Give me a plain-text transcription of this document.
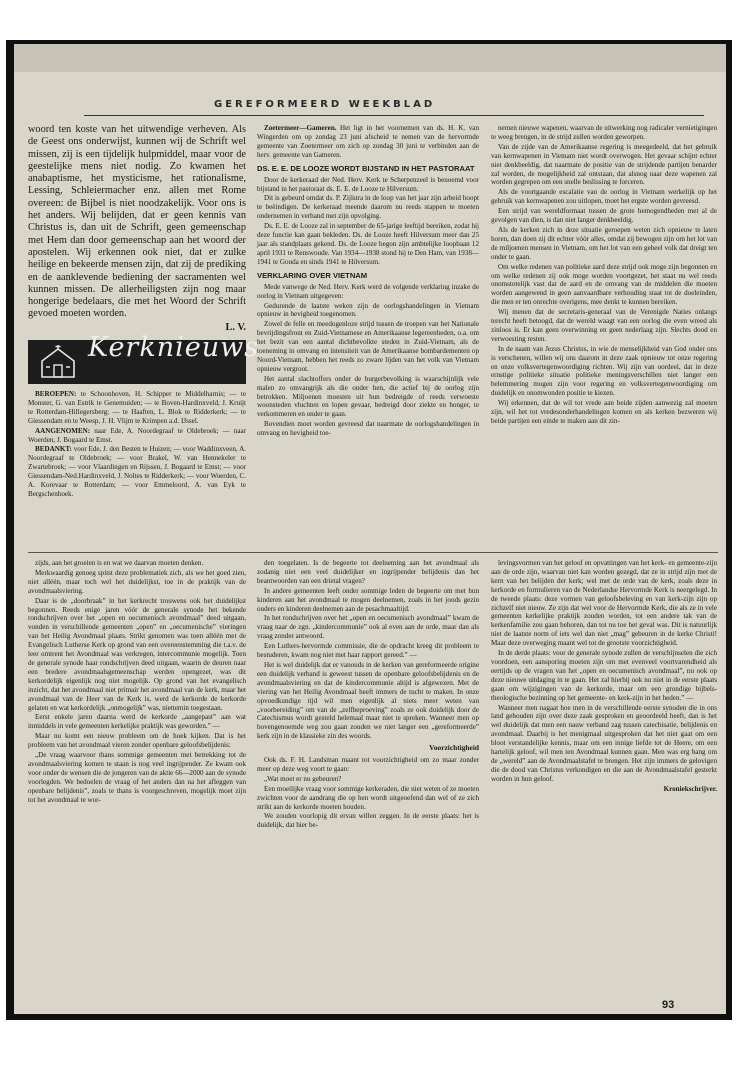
GEREFORMEERD WEEKBLAD

woord ten koste van het uitwendige verheven. Als de Geest ons onderwijst, kunnen wij de Schrift wel missen, zij is een tijdelijk hulpmiddel, maar voor de geestelijke mens niet nodig. Zo kwamen het anabaptisme, het mysticisme, het rationalisme, Lessing, Schleiermacher enz. allen met Rome overeen: de Bijbel is niet noodzakelijk. Voor ons is het anders. Wij belijden, dat er geen kennis van Christus is, dan uit de Schrift, geen gemeenschap met Hem dan door gemeenschap aan het woord der apostelen. Wij erkennen ook niet, dat er zulke heilige en bekeerde mensen zijn, dat zij de prediking en de aanklevende bediening der sacramenten wel kunnen missen. De allerheiligsten zijn nog maar hongerige bedelaars, die met het Woord der Schrift gevoed moeten worden.

L. V.

Kerknieuws

BEROEPEN: te Schoonhoven, H. Schipper te Middelharnis; — te Monster, G. van Estrik te Genemuiden; — te Boven-Hardinxveld, J. Kruijt te Rotterdam-Hillegersberg; — te Haaften, L. Blok te Ridderkerk; — te Giessendam en te Weesp, J. H. Vlijm te Krimpen a.d. IJssel.

AANGENOMEN: naar Ede, A. Noordegraaf te Oldebroek; — naar Woerden, J. Bogaard te Emst.

BEDANKT: voor Ede, J. den Besten te Huizen; — voor Waddinxveen, A. Noordegraaf te Oldebroek; — voor Brakel, W. van Hennekeler te Zwartebroek; — voor Vlaardingen en Rijssen, J. Bogaard te Emst; — voor Giessendam-Ned.Hardinxveld, J. Noltes te Ridderkerk; — voor Woerden, C. A. Korevaar te Rotterdam; — voor Emmeloord, A. van Eyk te Bergschenhoek.

Zoetermeer—Gameren. Het ligt in het voornemen van ds. H. K. van Wingerden om op zondag 23 juni afscheid te nemen van de hervormde gemeente van Zoetermeer om zich op zondag 30 juni te verbinden aan de herv. gemeente van Gameren.

DS. E. E. DE LOOZE WORDT BIJSTAND IN HET PASTORAAT

Door de kerkeraad der Ned. Herv. Kerk te Scherpenzeel is benoemd voor bijstand in het pastoraat ds. E. E. de Looze te Hilversum.

Dit is gebeurd omdat ds. P. Zijlstra in de loop van het jaar zijn arbeid hoopt te beëindigen. De kerkeraad meende daarom nu reeds stappen te moeten ondernemen in verband met zijn opvolging.

Ds. E. E. de Looze zal in september de 65-jarige leeftijd bereiken, zodat hij deze functie kan gaan bekleden. Ds. de Looze heeft Hilversum meer dan 25 jaar als standplaats gekend. Ds. de Looze begon zijn ambtelijke loopbaan 12 april 1931 te Renswoude. Van 1934—1938 stond hij te Den Ham, van 1938—1941 te Gouda en sinds 1941 te Hilversum.

VERKLARING OVER VIETNAM

Mede vanwege de Ned. Herv. Kerk werd de volgende verklaring inzake de oorlog in Vietnam uitgegeven:

Gedurende de laatste weken zijn de oorlogshandelingen in Vietnam opnieuw in hevigheid toegenomen.

Zowel de felle en meedogenloze strijd tussen de troepen van het Nationale bevrijdingsfront en Zuid-Vietnamese en Amerikaanse legereenheden, o.a. om het bezit van een aantal dichtbevolkte steden in Zuid-Vietnam, als de toeneming in omvang en intensiteit van de Amerikaanse bombardementen op Noord-Vietnam, hebben het reeds zo zware lijden van het volk van Vietnam opnieuw vergroot.

Het aantal slachtoffers onder de burgerbevolking is waarschijnlijk vele malen zo omvangrijk als die onder hen, die actief bij de oorlog zijn betrokken. Miljoenen moesten uit hun bedreigde of reeds verwoeste woonsteden vluchten en lopen gevaar, bedreigd door ziekte en honger, te verkommeren en onder te gaan.

Bovendien moet worden gevreesd dat naarmate de oorlogshandelingen in omvang en hevigheid toe-

nemen nieuwe wapenen, waarvan de uitwerking nog radicaler vernietigingen te weeg brengen, in de strijd zullen worden geworpen.

Van de zijde van de Amerikaanse regering is meegedeeld, dat het gebruik van kernwapenen in Vietnam niet wordt overwogen. Het gevaar schijnt echter niet denkbeeldig, dat naarmate de positie van de strijdende partijen benarder zal worden, de mogelijkheid zal ontstaan, dat alsnog naar deze wapenen zal worden gegrepen om een snelle beslissing te forceren.

Als de voortgaande escalatie van de oorlog in Vietnam werkelijk op het gebruik van kernwapenen zou uitlopen, moet het ergste worden gevreesd.

Een strijd van wereldformaat tussen de grote hemogendheden met al de gevolgen van dien, is dan niet langer denkbeeldig.

Als de kerken zich in deze situatie geroepen weten zich opnieuw te laten horen, dan doen zij dit echter vóór alles, omdat zij bewogen zijn om het lot van de miljoenen mensen in Vietnam, om het lot van een geheel volk dat dreigt ten onder te gaan.

Om welke redenen van politieke aard deze strijd ook moge zijn begonnen en om welke redenen zij ook moge worden voortgezet, het staat nu wel reeds onomstotelijk vast dat de aard en de omvang van de middelen die moeten worden aangewend in geen aanvaardbare verhouding staat tot de doeleinden, die men er ten onrechte overigens, mee denkt te kunnen bereiken.

Wij menen dat de secretaris-generaal van de Verenigde Naties onlangs terecht heeft betoogd, dat de wereld waagt van een oorlog die even wreed als zinloos is. Er kan geen overwinning en geen nederlaag zijn. Slechts dood en verwoesting resten.

In de naam van Jezus Christus, in wie de menselijkheid van God onder ons is verschenen, willen wij ons daarom in deze zaak opnieuw tot onze regering en onze volksvertegenwoordiging richten. Wij zijn van oordeel, dat in deze ernstige politieke situatie politieke meningsverschillen niet langer een belemmering mogen zijn voor regering en volksvertegenwoordiging om duidelijk en onomwonden positie te kiezen.

Wij erkennen, dat de wil tot vrede aan beide zijden aanwezig zal moeten zijn, wil het tot vredesonderhandelingen komen en als kerken bezweren wij beide partijen een einde te maken aan dit zin-

zijds, aan het groeien is en wat we daarvan moeten denken.

Merkwaardig genoeg spitst deze problematiek zich, als we het goed zien, niet alléén, maar toch wel het duidelijkst, toe in de praktijk van de avondmaalsviering.

Daar is de „doorbraak” in het kerkrecht trouwens ook het duidelijkst begonnen. Reeds enige jaren vóór de generale synode het bekende rondschrijven over het „open en oecumenisch avondmaal” deed uitgaan, vonden in verschillende gemeenten „open” en „oecumenische” vieringen van het Heilig Avondmaal plaats. Strikt genomen was toen alléén met de Evangelisch Lutherse Kerk op grond van een overeenstemming die t.a.v. de leer omtrent het Avondmaal was verkregen, intercommunie mogelijk. Toen de generale synode haar rondschrijven deed uitgaan, waarin de deuren naar een bredere avondmaalsgemeenschap werden opengezet, was dit kerkordelijk eigenlijk nog niet mogelijk. Op grond van het evangelisch inzicht, dat het avondmaal niet primair het avondmaal van de kerk, maar het avondmaal van de Heer van de Kerk is, werd de kerkorde de kerkorde gelaten en wat kerkordelijk „onmogelijk” was, niettemin toegestaan.

Eerst enkele jaren daarna werd de kerkorde „aangepast” aan wat inmiddels in vele gemeenten kerkelijke praktijk was geworden.” —

Maar nu komt een nieuw probleem om de hoek kijken. Dat is het probleem van het avondmaal vieren zonder openbare geloofsbelijdenis:

„De vraag waarvoor thans sommige gemeenten met betrekking tot de avondmaalsviering komen te staan is nog veel ingrijpender. Ze kwam ook voor onder de wensen die de jongeren van de aktie 66—2000 aan de synode voorlegden. We bedoelen de vraag of het anders dan na het afleggen van openbare belijdenis”, zoals te thans is voorgeschreven, mogelijk moet zijn tot het avondmaal te wor-

den toegelaten. Is de begeerte tot deelneming aan het avondmaal als zodanig niet een veel duidelijker en ingrijpender belijdenis dan het beantwoorden van een drietal vragen?

In andere gemeenten leeft onder sommige leden de begeerte om met hun kinderen aan het avondmaal te mogen deelnemen, zoals in het joods gezin ouders en kinderen deelnemen aan de pesachmaaltijd.

In het rondschrijven over het „open en oecumenisch avondmaal” kwam de vraag naar de zgn. „kindercommunie” ook al even aan de orde, maar dan als vraag zonder antwoord.

Een Luthers-hervormde commissie, die de opdracht kreeg dit probleem te bestuderen, kwam nog niet met haar rapport gereed.” —

Het is wel duidelijk dat er vanouds in de kerken van gereformeerde origine een duidelijk verband is geweest tussen de openbare geloofsbelijdenis en de avondmaalsviering en dat de kindercommunie altijd is afgewezen. Met de viering van het Heilig Avondmaal heeft immers de tucht te maken. In onze opvoedkundige tijd wil men eigenlijk al niets meer weten van „voorbereiding” om van de „zelfbeproeving” zoals ze ook duidelijk door de Catechismus wordt gesteld helemaal maar niet te spreken. Wanneer men op bovengenoemde weg zou gaan zouden we niet langer een „gereformeerde” kerk zijn in de klassieke zin des woords.

Voorzichtigheid

Ook ds. F. H. Landsman maant tot voorzichtigheid om zo maar zonder meer op deze weg voort te gaan:

„Wat moet er nu gebeuren?

Een moeilijke vraag voor sommige kerkeraden, die niet weten of ze moeten zwichten voor de aandrang die op hen wordt uitgeoefend dan wel of ze zich strikt aan de kerkorde moeten houden.

We zouden voorlopig dit ervan willen zeggen. In de eerste plaats: het is duidelijk, dat hier be-

levingsvormen van het geloof en opvattingen van het kerk- en gemeente-zijn aan de orde zijn, waarvan niet kan worden gezegd, dat ze in strijd zijn met de kern van het belijden der kerk; wel met de orde van de kerk, zoals deze in kerkorde en formulieren van de Nederlandse Hervormde Kerk is neergelegd. In de tweede plaats: deze vormen van geloofsbeleving en van kerk-zijn zijn op zichzelf niet nieuw. Ze zijn dat wel voor de Hervormde Kerk, die als ze in vele gemeenten kerkelijke praktijk zouden worden, tot een andere tak van de kerkenfamilie zou gaan behoren, dan tot nu toe het geval was. Dit is natuurlijk niet de laatste norm of iets wel dan niet „mag” gebeuren in de kerke Christi! Maar deze overweging maant wel tot de grootste voorzichtigheid.

In de derde plaats: voor de generale synode zullen de verschijnselen die zich voordoen, een aansporing moeten zijn om met evenveel voortvarendheid als eertijds op de vragen van het „open en oecumenisch avondmaal”, nu ook op deze nieuwe uitdaging in te gaan. Het zal hierbij ook nu niet in de eerste plaats gaan om wijzigingen van de kerkorde, maar om een grondige bijbels-theologische bezinning op het gemeente- en kerk-zijn in het heden.” —

Wanneer men nagaat hoe men in de verschillende eerste synoden die in ons land gehouden zijn over deze zaak gesproken en geoordeeld heeft, dan is het wel duidelijk dat men een nauw verband zag tussen catechisatie, belijdenis en avondmaal. Daarbij is het menigmaal uitgesproken dat het niet gaat om een bloot verstandelijke kennis, maar om een innige liefde tot de Heere, om een hartelijk geloof, wil men ten Avondmaal kunnen gaan. Men was erg bang om de „wereld” aan de Avondmaalstafel te brengen. Het zijn immers de gelovigen die de dood van Christus verkondigen en die aan de Avondmaalstafel gesterkt worden in hun geloof.

Kroniekschrijver.

93
